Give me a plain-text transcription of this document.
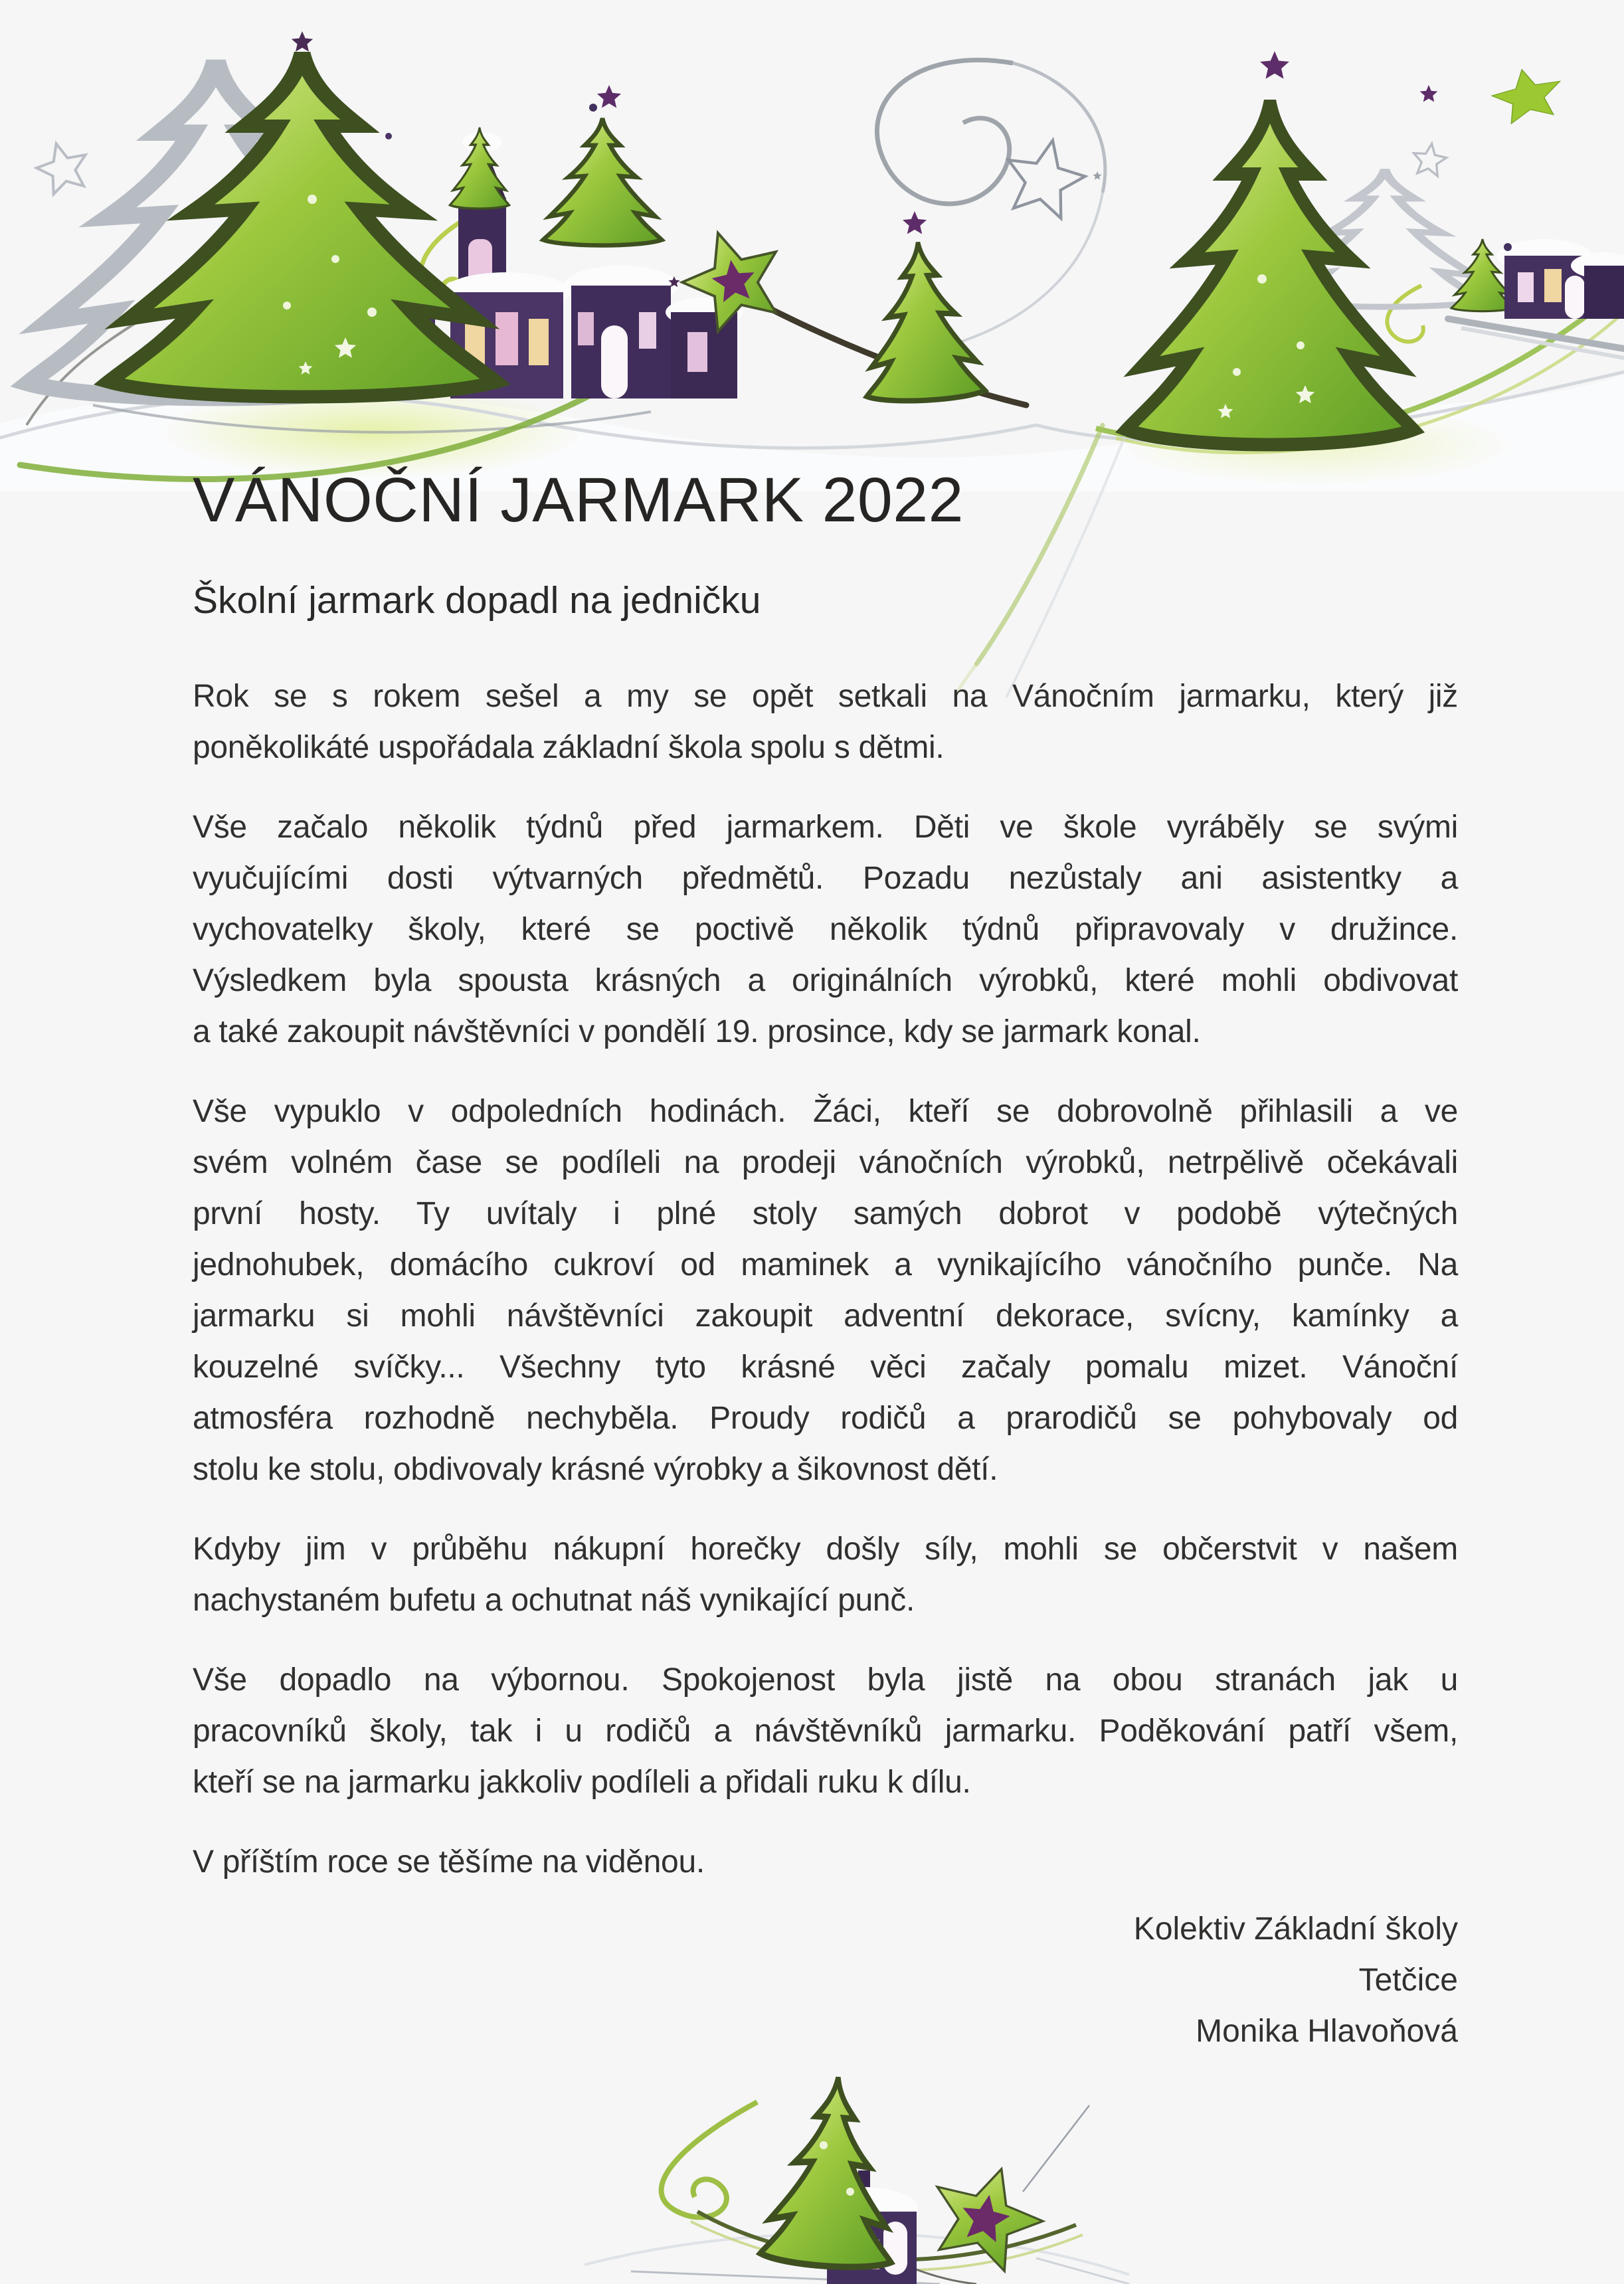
VÁNOČNÍ JARMARK 2022
Školní jarmark dopadl na jedničku
Rok se s rokem sešel a my se opět setkali na Vánočním jarmarku, který již
poněkolikáté uspořádala základní škola spolu s dětmi.
Vše začalo několik týdnů před jarmarkem. Děti ve škole vyráběly se svými
vyučujícími dosti výtvarných předmětů. Pozadu nezůstaly ani asistentky a
vychovatelky školy, které se poctivě několik týdnů připravovaly v družince.
Výsledkem byla spousta krásných a originálních výrobků, které mohli obdivovat
a také zakoupit návštěvníci v pondělí 19. prosince, kdy se jarmark konal.
Vše vypuklo v odpoledních hodinách. Žáci, kteří se dobrovolně přihlasili a ve
svém volném čase se podíleli na prodeji vánočních výrobků, netrpělivě očekávali
první hosty. Ty uvítaly i plné stoly samých dobrot v podobě výtečných
jednohubek, domácího cukroví od maminek a vynikajícího vánočního punče. Na
jarmarku si mohli návštěvníci zakoupit adventní dekorace, svícny, kamínky a
kouzelné svíčky... Všechny tyto krásné věci začaly pomalu mizet. Vánoční
atmosféra rozhodně nechyběla. Proudy rodičů a prarodičů se pohybovaly od
stolu ke stolu, obdivovaly krásné výrobky a šikovnost dětí.
Kdyby jim v průběhu nákupní horečky došly síly, mohli se občerstvit v našem
nachystaném bufetu a ochutnat náš vynikající punč.
Vše dopadlo na výbornou. Spokojenost byla jistě na obou stranách jak u
pracovníků školy, tak i u rodičů a návštěvníků jarmarku. Poděkování patří všem,
kteří se na jarmarku jakkoliv podíleli a přidali ruku k dílu.
V příštím roce se těšíme na viděnou.
Kolektiv Základní školy
Tetčice
Monika Hlavoňová
